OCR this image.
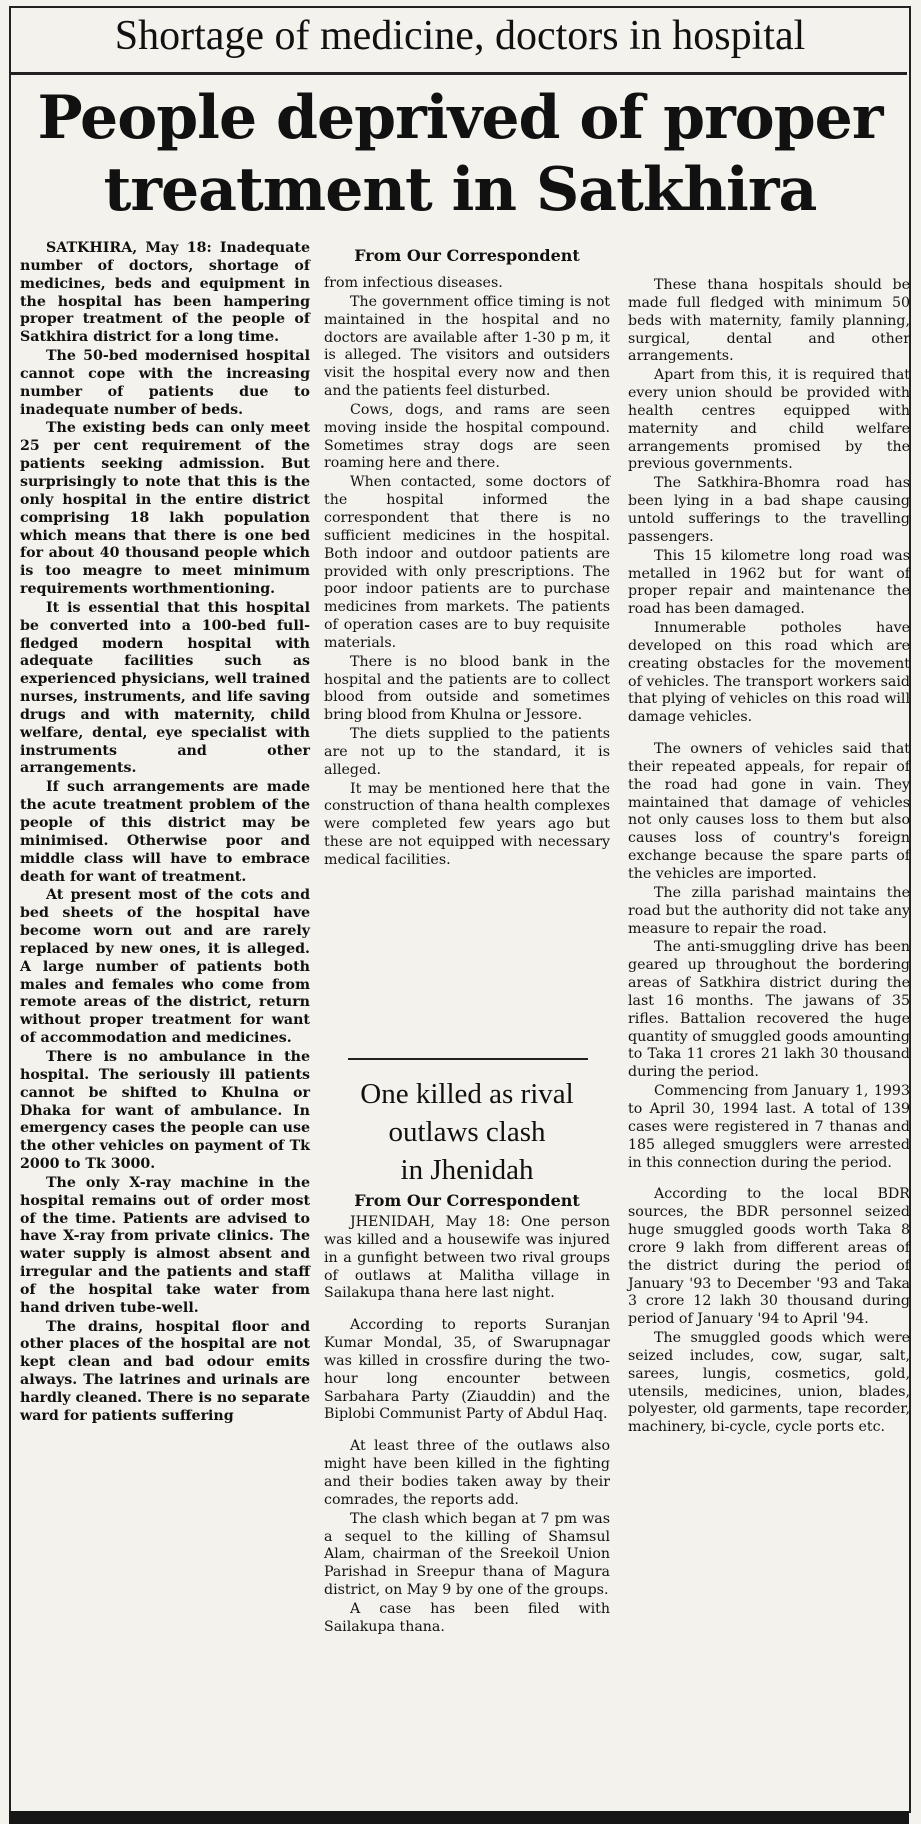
Shortage of medicine, doctors in hospital
People deprived of proper
treatment in Satkhira
From Our Correspondent

SATKHIRA, May 18: Inadequate number of doctors, shortage of medicines, beds and equipment in the hospital has been hampering proper treatment of the people of Satkhira district for a long time.

The 50-bed modernised hospital cannot cope with the increasing number of patients due to inadequate number of beds.

The existing beds can only meet 25 per cent requirement of the patients seeking admission. But surprisingly to note that this is the only hospital in the entire district comprising 18 lakh population which means that there is one bed for about 40 thousand people which is too meagre to meet minimum requirements worthmentioning.

It is essential that this hospital be converted into a 100-bed full-fledged modern hospital with adequate facilities such as experienced physicians, well trained nurses, instruments, and life saving drugs and with maternity, child welfare, dental, eye specialist with instruments and other arrangements.

If such arrangements are made the acute treatment problem of the people of this district may be minimised. Otherwise poor and middle class will have to embrace death for want of treatment.

At present most of the cots and bed sheets of the hospital have become worn out and are rarely replaced by new ones, it is alleged. A large number of patients both males and females who come from remote areas of the district, return without proper treatment for want of accommodation and medicines.

There is no ambulance in the hospital. The seriously ill patients cannot be shifted to Khulna or Dhaka for want of ambulance. In emergency cases the people can use the other vehicles on payment of Tk 2000 to Tk 3000.

The only X-ray machine in the hospital remains out of order most of the time. Patients are advised to have X-ray from private clinics. The water supply is almost absent and irregular and the patients and staff of the hospital take water from hand driven tube-well.

The drains, hospital floor and other places of the hospital are not kept clean and bad odour emits always. The latrines and urinals are hardly cleaned. There is no separate ward for patients suffering

from infectious diseases.

The government office timing is not maintained in the hospital and no doctors are available after 1-30 p m, it is alleged. The visitors and outsiders visit the hospital every now and then and the patients feel disturbed.

Cows, dogs, and rams are seen moving inside the hospital compound. Sometimes stray dogs are seen roaming here and there.

When contacted, some doctors of the hospital informed the correspondent that there is no sufficient medicines in the hospital. Both indoor and outdoor patients are provided with only prescriptions. The poor indoor patients are to purchase medicines from markets. The patients of operation cases are to buy requisite materials.

There is no blood bank in the hospital and the patients are to collect blood from outside and sometimes bring blood from Khulna or Jessore.

The diets supplied to the patients are not up to the standard, it is alleged.

It may be mentioned here that the construction of thana health complexes were completed few years ago but these are not equipped with necessary medical facilities.

One killed as rival
outlaws clash
in Jhenidah
From Our Correspondent

JHENIDAH, May 18: One person was killed and a housewife was injured in a gunfight between two rival groups of outlaws at Malitha village in Sailakupa thana here last night.

According to reports Suranjan Kumar Mondal, 35, of Swarupnagar was killed in crossfire during the two-hour long encounter between Sarbahara Party (Ziauddin) and the Biplobi Communist Party of Abdul Haq.

At least three of the outlaws also might have been killed in the fighting and their bodies taken away by their comrades, the reports add.

The clash which began at 7 pm was a sequel to the killing of Shamsul Alam, chairman of the Sreekoil Union Parishad in Sreepur thana of Magura district, on May 9 by one of the groups.

A case has been filed with Sailakupa thana.

These thana hospitals should be made full fledged with minimum 50 beds with maternity, family planning, surgical, dental and other arrangements.

Apart from this, it is required that every union should be provided with health centres equipped with maternity and child welfare arrangements promised by the previous governments.

The Satkhira-Bhomra road has been lying in a bad shape causing untold sufferings to the travelling passengers.

This 15 kilometre long road was metalled in 1962 but for want of proper repair and maintenance the road has been damaged.

Innumerable potholes have developed on this road which are creating obstacles for the movement of vehicles. The transport workers said that plying of vehicles on this road will damage vehicles.

The owners of vehicles said that their repeated appeals, for repair of the road had gone in vain. They maintained that damage of vehicles not only causes loss to them but also causes loss of country's foreign exchange because the spare parts of the vehicles are imported.

The zilla parishad maintains the road but the authority did not take any measure to repair the road.

The anti-smuggling drive has been geared up throughout the bordering areas of Satkhira district during the last 16 months. The jawans of 35 rifles. Battalion recovered the huge quantity of smuggled goods amounting to Taka 11 crores 21 lakh 30 thousand during the period.

Commencing from January 1, 1993 to April 30, 1994 last. A total of 139 cases were registered in 7 thanas and 185 alleged smugglers were arrested in this connection during the period.

According to the local BDR sources, the BDR personnel seized huge smuggled goods worth Taka 8 crore 9 lakh from different areas of the district during the period of January '93 to December '93 and Taka 3 crore 12 lakh 30 thousand during period of January '94 to April '94.

The smuggled goods which were seized includes, cow, sugar, salt, sarees, lungis, cosmetics, gold, utensils, medicines, union, blades, polyester, old garments, tape recorder, machinery, bi-cycle, cycle ports etc.
